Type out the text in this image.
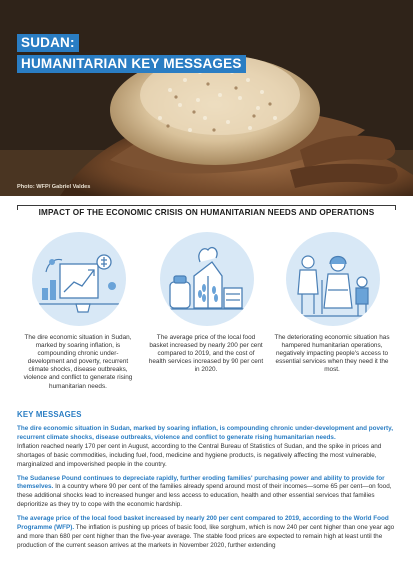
SUDAN:
HUMANITARIAN KEY MESSAGES
Photo: WFP/ Gabriel Valdes
IMPACT OF THE ECONOMIC CRISIS ON HUMANITARIAN NEEDS AND OPERATIONS
The dire economic situation in Sudan, marked by soaring inflation, is compounding chronic under-development and poverty, recurrent climate shocks, disease outbreaks, violence and conflict to generate rising humanitarian needs.
The average price of the local food basket increased by nearly 200 per cent compared to 2019, and the cost of health services increased by 90 per cent in 2020.
The deteriorating economic situation has hampered humanitarian operations, negatively impacting people's access to essential services when they need it the most.
KEY MESSAGES

The dire economic situation in Sudan, marked by soaring inflation, is compounding chronic under-development and poverty, recurrent climate shocks, disease outbreaks, violence and conflict to generate rising humanitarian needs.
Inflation reached nearly 170 per cent in August, according to the Central Bureau of Statistics of Sudan, and the spike in prices and shortages of basic commodities, including fuel, food, medicine and hygiene products, is negatively affecting the most vulnerable, marginalized and impoverished people in the country.

The Sudanese Pound continues to depreciate rapidly, further eroding families' purchasing power and ability to provide for themselves. In a country where 90 per cent of the families already spend around most of their incomes—some 65 per cent—on food, these additional shocks lead to increased hunger and less access to education, health and other essential services that families deprioritize as they try to cope with the economic hardship.

The average price of the local food basket increased by nearly 200 per cent compared to 2019, according to the World Food Programme (WFP). The inflation is pushing up prices of basic food, like sorghum, which is now 240 per cent higher than one year ago and more than 680 per cent higher than the five-year average. The stable food prices are expected to remain high at least until the production of the current season arrives at the markets in November 2020, further extending
